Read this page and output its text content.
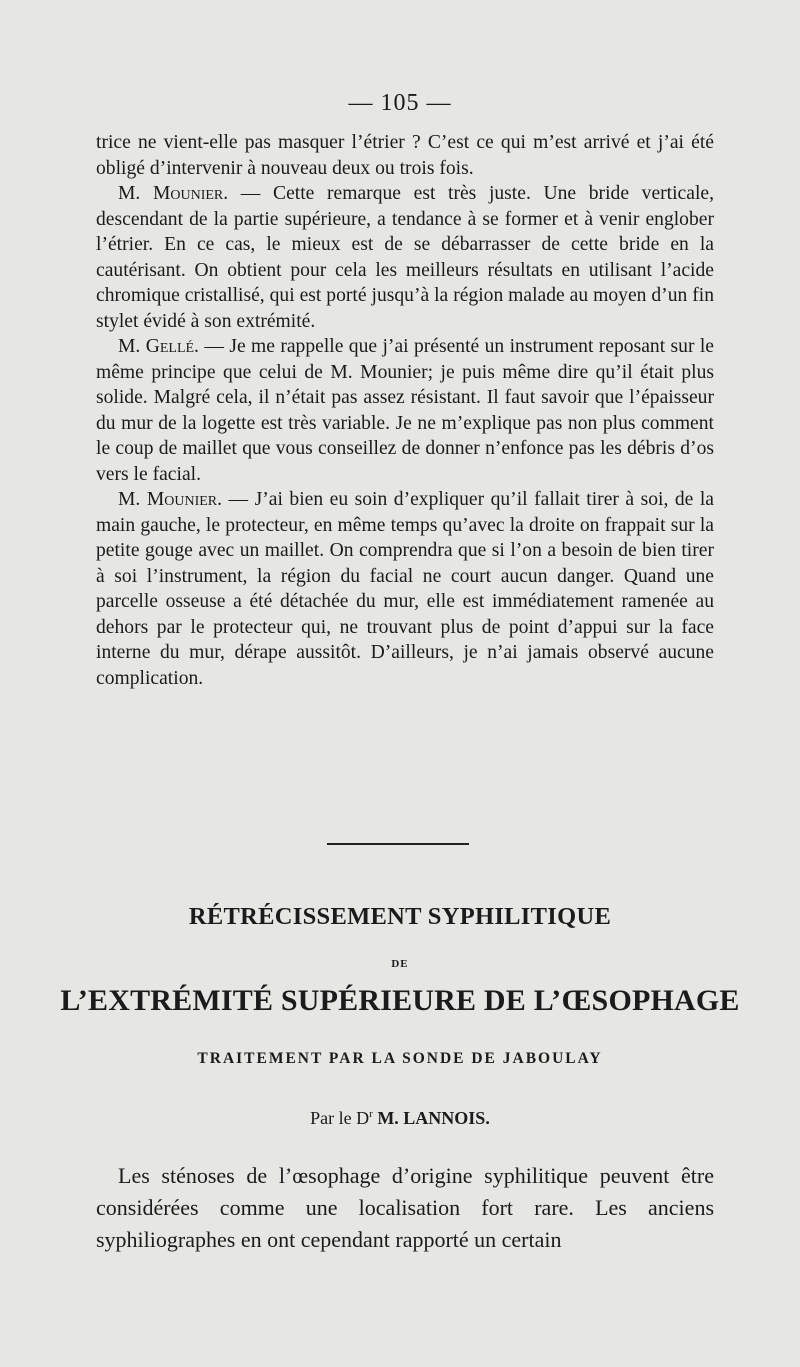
— 105 —

trice ne vient-elle pas masquer l’étrier ? C’est ce qui m’est arrivé et j’ai été obligé d’intervenir à nouveau deux ou trois fois.

M. Mounier. — Cette remarque est très juste. Une bride verticale, descendant de la partie supérieure, a tendance à se former et à venir englober l’étrier. En ce cas, le mieux est de se débarrasser de cette bride en la cautérisant. On obtient pour cela les meilleurs résultats en utilisant l’acide chromique cristallisé, qui est porté jusqu’à la région malade au moyen d’un fin stylet évidé à son extrémité.

M. Gellé. — Je me rappelle que j’ai présenté un instrument reposant sur le même principe que celui de M. Mounier; je puis même dire qu’il était plus solide. Malgré cela, il n’était pas assez résistant. Il faut savoir que l’épaisseur du mur de la logette est très variable. Je ne m’explique pas non plus comment le coup de maillet que vous conseillez de donner n’enfonce pas les débris d’os vers le facial.

M. Mounier. — J’ai bien eu soin d’expliquer qu’il fallait tirer à soi, de la main gauche, le protecteur, en même temps qu’avec la droite on frappait sur la petite gouge avec un maillet. On comprendra que si l’on a besoin de bien tirer à soi l’instrument, la région du facial ne court aucun danger. Quand une parcelle osseuse a été détachée du mur, elle est immédiatement ramenée au dehors par le protecteur qui, ne trouvant plus de point d’appui sur la face interne du mur, dérape aussitôt. D’ailleurs, je n’ai jamais observé aucune complication.

RÉTRÉCISSEMENT SYPHILITIQUE
DE
L’EXTRÉMITÉ SUPÉRIEURE DE L’ŒSOPHAGE
TRAITEMENT PAR LA SONDE DE JABOULAY
Par le $D^r$ M. LANNOIS.

Les sténoses de l’œsophage d’origine syphilitique peuvent être considérées comme une localisation fort rare. Les anciens syphiliographes en ont cependant rapporté un certain
